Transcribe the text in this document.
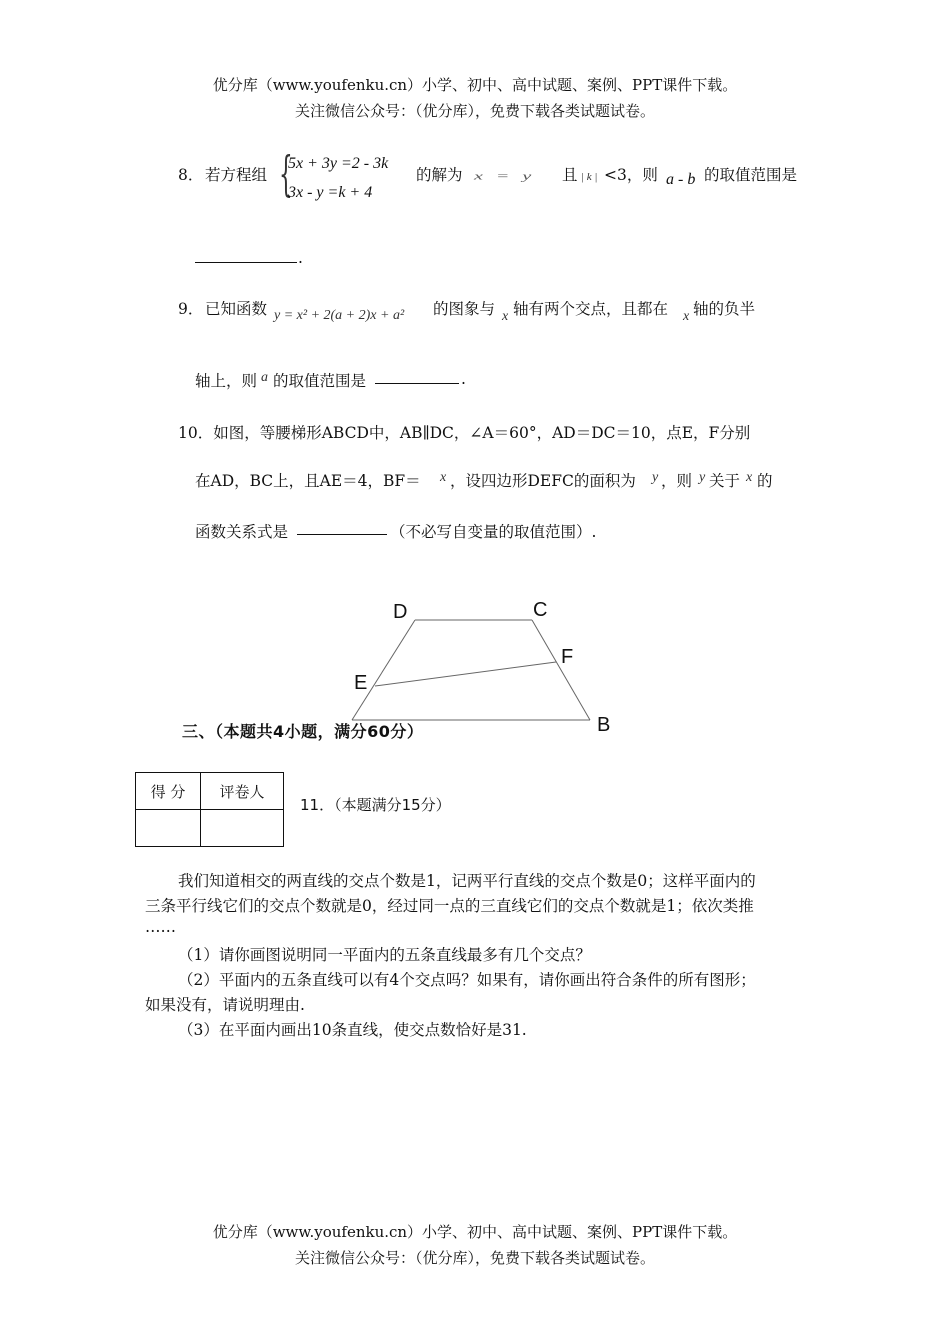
优分库（www.youfenku.cn）小学、初中、高中试题、案例、PPT课件下载。
关注微信公众号：（优分库），免费下载各类试题试卷。
8． 若方程组 {
5x + 3y =2 - 3k
3x - y =k + 4
的解为 x = y 且 | k | <3，则 a - b 的取值范围是
.
9． 已知函数 y = x² + 2(a + 2)x + a² 的图象与 x 轴有两个交点，且都在 x 轴的负半
轴上，则 a 的取值范围是	.
10．如图，等腰梯形ABCD中，AB∥DC，∠A＝60°，AD＝DC＝10，点E，F分别
在AD，BC上，且AE＝4，BF＝ x ，设四边形DEFC的面积为 y ，则 y 关于 x 的
函数关系式是	（不必写自变量的取值范围）.
D	C
F
E
B
三、（本题共4小题，满分60分）
得 分	评卷人

11．（本题满分15分）
我们知道相交的两直线的交点个数是1，记两平行直线的交点个数是0；这样平面内的
三条平行线它们的交点个数就是0，经过同一点的三直线它们的交点个数就是1；依次类推
……
（1）请你画图说明同一平面内的五条直线最多有几个交点？
（2）平面内的五条直线可以有4个交点吗？如果有，请你画出符合条件的所有图形；
如果没有，请说明理由.
（3）在平面内画出10条直线，使交点数恰好是31.
优分库（www.youfenku.cn）小学、初中、高中试题、案例、PPT课件下载。
关注微信公众号：（优分库），免费下载各类试题试卷。
